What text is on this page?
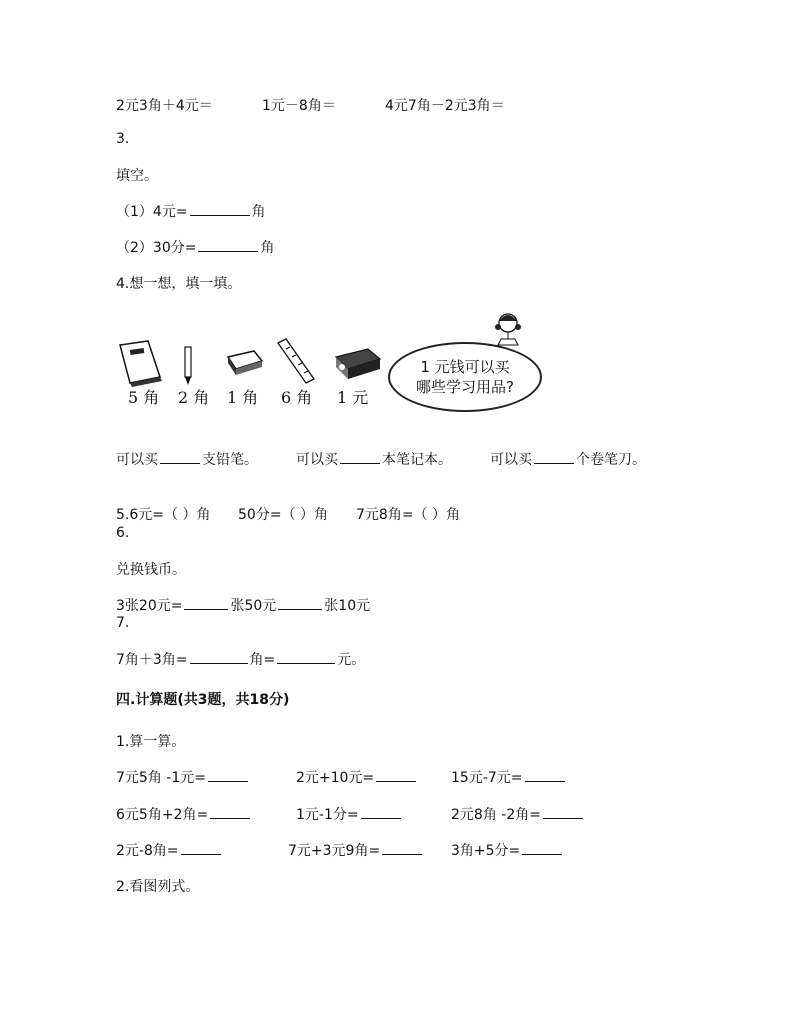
2元3角＋4元＝	1元－8角＝	4元7角－2元3角＝
3.
填空。
（1）4元=	角
（2）30分=	角
4.想一想，填一填。
5 角 2 角 1 角 6 角 1 元
1 元钱可以买
哪些学习用品?
可以买	支铅笔。	可以买	本笔记本。	可以买	个卷笔刀。
5.6元=（ ）角 50分=（ ）角 7元8角=（ ）角
6.
兑换钱币。
3张20元=	张50元	张10元
7.
7角＋3角=	角=	元。
四.计算题(共3题，共18分)
1.算一算。
7元5角 -1元=	2元+10元=	15元-7元=
6元5角+2角=	1元-1分=	2元8角 -2角=
2元-8角=	7元+3元9角=	3角+5分=
2.看图列式。
